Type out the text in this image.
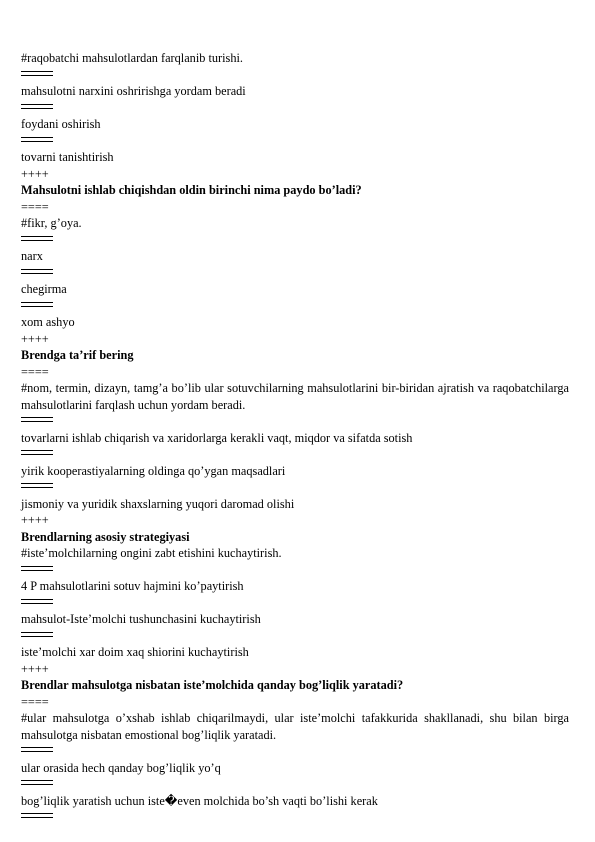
#raqobatchi mahsulotlardan farqlanib turishi.
mahsulotni narxini oshririshga yordam beradi
foydani oshirish
tovarni tanishtirish
++++
Mahsulotni ishlab chiqishdan oldin birinchi nima paydo bo’ladi?
====
#fikr, g’oya.
narx
chegirma
xom ashyo
++++
Brendga ta’rif bering
====
#nom, termin, dizayn, tamg’a bo’lib ular sotuvchilarning mahsulotlarini bir-biridan ajratish va raqobatchilarga mahsulotlarini farqlash uchun yordam beradi.
tovarlarni ishlab chiqarish va xaridorlarga kerakli vaqt, miqdor va sifatda sotish
yirik kooperastiyalarning oldinga qo’ygan maqsadlari
jismoniy va yuridik shaxslarning yuqori daromad olishi
++++
Brendlarning asosiy strategiyasi
#iste’molchilarning ongini zabt etishini kuchaytirish.
4 P mahsulotlarini sotuv hajmini ko’paytirish
mahsulot-Iste’molchi tushunchasini kuchaytirish
iste’molchi xar doim xaq shiorini kuchaytirish
++++
Brendlar mahsulotga nisbatan iste’molchida qanday bog’liqlik yaratadi?
====
#ular mahsulotga o’xshab ishlab chiqarilmaydi, ular iste’molchi tafakkurida shakllanadi, shu bilan birga mahsulotga nisbatan emostional bog’liqlik yaratadi.
ular orasida hech qanday bog’liqlik yo’q
bog’liqlik yaratish uchun iste�even molchida bo’sh vaqti bo’lishi kerak
